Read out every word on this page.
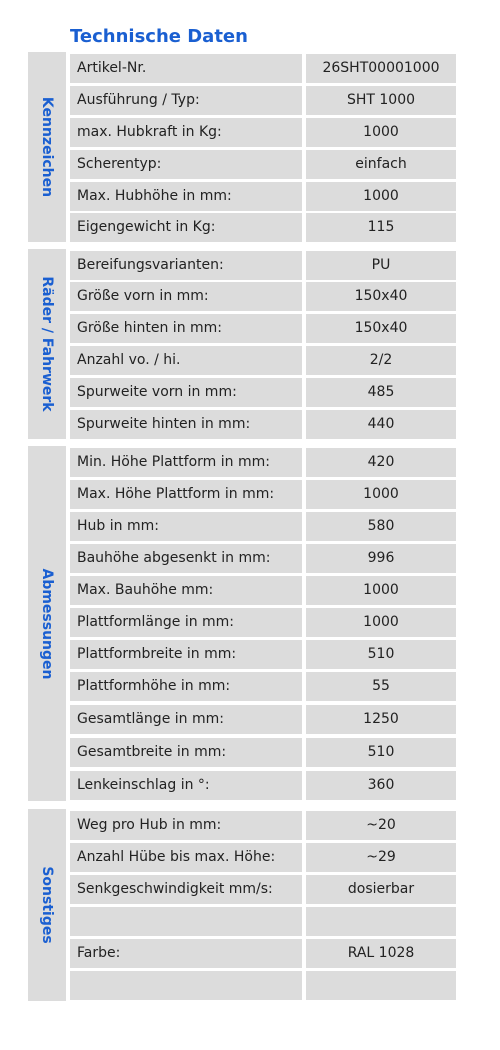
Technische Daten
Kennzeichen
Artikel-Nr.	26SHT00001000
Ausführung / Typ:	SHT 1000
max. Hubkraft in Kg:	1000
Scherentyp:	einfach
Max. Hubhöhe in mm:	1000
Eigengewicht in Kg:	115
Räder / Fahrwerk
Bereifungsvarianten:	PU
Größe vorn in mm:	150x40
Größe hinten in mm:	150x40
Anzahl vo. / hi.	2/2
Spurweite vorn in mm:	485
Spurweite hinten in mm:	440
Abmessungen
Min. Höhe Plattform in mm:	420
Max. Höhe Plattform in mm:	1000
Hub in mm:	580
Bauhöhe abgesenkt in mm:	996
Max. Bauhöhe mm:	1000
Plattformlänge in mm:	1000
Plattformbreite in mm:	510
Plattformhöhe in mm:	55
Gesamtlänge in mm:	1250
Gesamtbreite in mm:	510
Lenkeinschlag in °:	360
Sonstiges
Weg pro Hub in mm:	~20
Anzahl Hübe bis max. Höhe:	~29
Senkgeschwindigkeit mm/s:	dosierbar
Farbe:	RAL 1028
